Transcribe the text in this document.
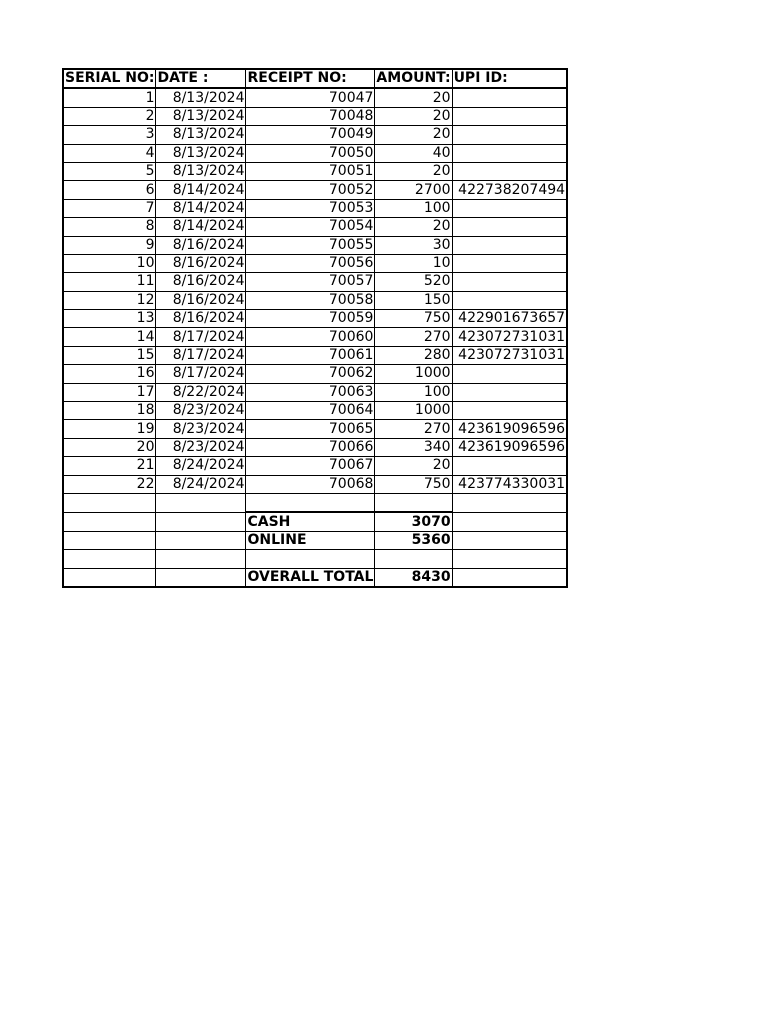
SERIAL NO:	DATE :	RECEIPT NO:	AMOUNT:	UPI ID:
1	8/13/2024	70047	20	
2	8/13/2024	70048	20	
3	8/13/2024	70049	20	
4	8/13/2024	70050	40	
5	8/13/2024	70051	20	
6	8/14/2024	70052	2700	422738207494
7	8/14/2024	70053	100	
8	8/14/2024	70054	20	
9	8/16/2024	70055	30	
10	8/16/2024	70056	10	
11	8/16/2024	70057	520	
12	8/16/2024	70058	150	
13	8/16/2024	70059	750	422901673657
14	8/17/2024	70060	270	423072731031
15	8/17/2024	70061	280	423072731031
16	8/17/2024	70062	1000	
17	8/22/2024	70063	100	
18	8/23/2024	70064	1000	
19	8/23/2024	70065	270	423619096596
20	8/23/2024	70066	340	423619096596
21	8/24/2024	70067	20	
22	8/24/2024	70068	750	423774330031

		CASH	3070	
		ONLINE	5360	

		OVERALL TOTAL	8430	
